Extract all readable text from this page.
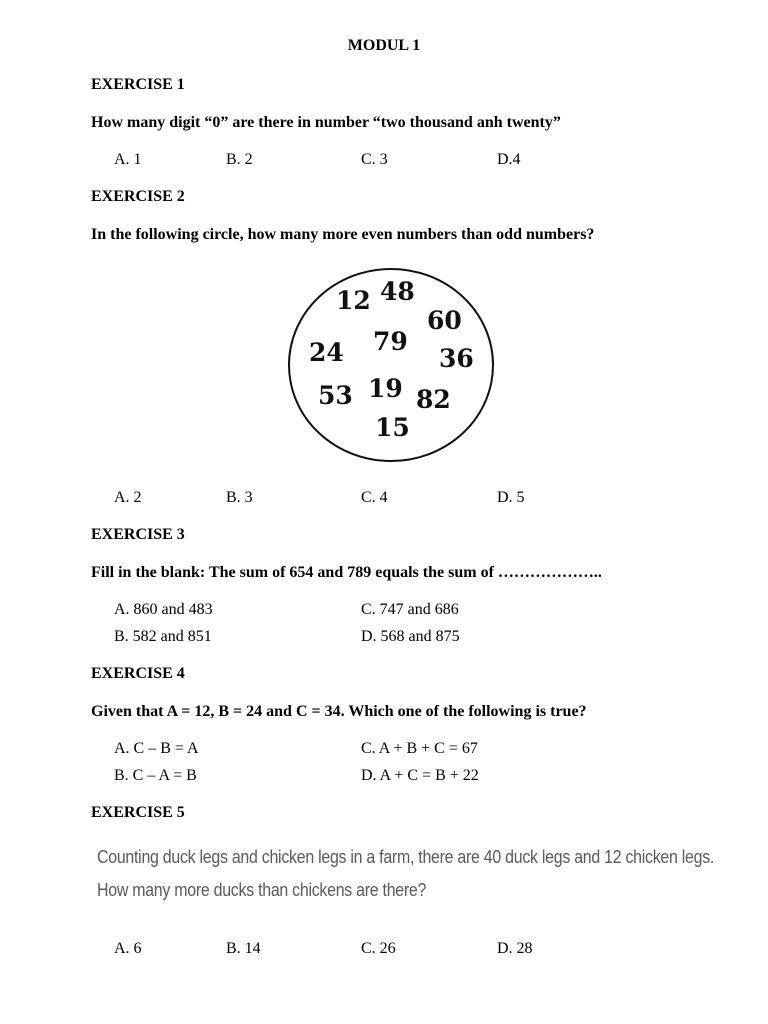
MODUL 1
EXERCISE 1
How many digit “0” are there in number “two thousand anh twenty”
A. 1	B. 2	C. 3	D.4
EXERCISE 2
In the following circle, how many more even numbers than odd numbers?
12 48
60
24 79
36
53 19 82
15
A. 2	B. 3	C. 4	D. 5
EXERCISE 3
Fill in the blank: The sum of 654 and 789 equals the sum of ………………..
A. 860 and 483	C. 747 and 686
B. 582 and 851	D. 568 and 875
EXERCISE 4
Given that A = 12, B = 24 and C = 34. Which one of the following is true?
A. C – B = A	C. A + B + C = 67
B. C – A = B	D. A + C = B + 22
EXERCISE 5
Counting duck legs and chicken legs in a farm, there are 40 duck legs and 12 chicken legs.
How many more ducks than chickens are there?
A. 6	B. 14	C. 26	D. 28
